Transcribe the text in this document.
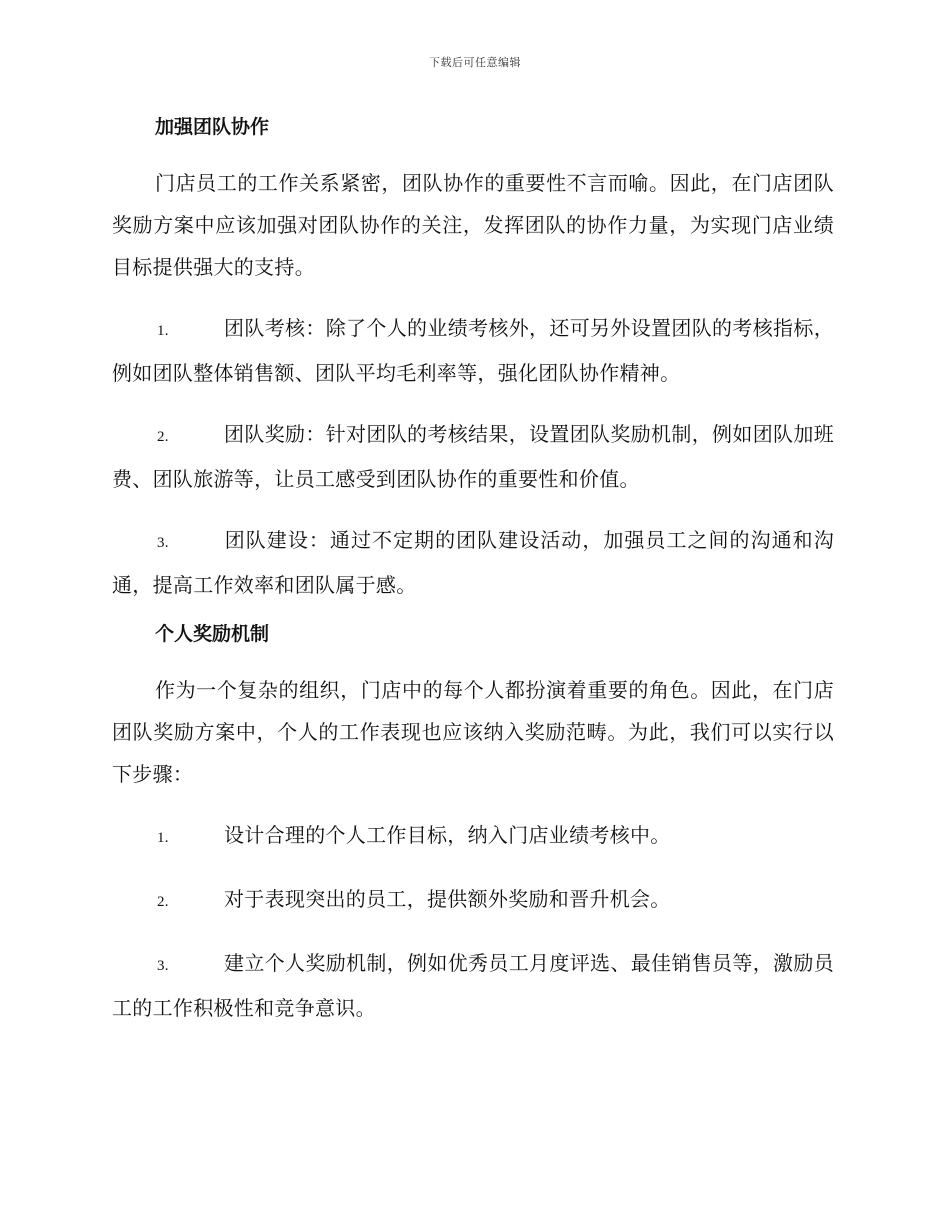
下载后可任意编辑
加强团队协作

门店员工的工作关系紧密，团队协作的重要性不言而喻。因此，在门店团队奖励方案中应该加强对团队协作的关注，发挥团队的协作力量，为实现门店业绩目标提供强大的支持。

1.	团队考核：除了个人的业绩考核外，还可另外设置团队的考核指标，例如团队整体销售额、团队平均毛利率等，强化团队协作精神。

2.	团队奖励：针对团队的考核结果，设置团队奖励机制，例如团队加班费、团队旅游等，让员工感受到团队协作的重要性和价值。

3.	团队建设：通过不定期的团队建设活动，加强员工之间的沟通和沟通，提高工作效率和团队属于感。

个人奖励机制

作为一个复杂的组织，门店中的每个人都扮演着重要的角色。因此，在门店团队奖励方案中，个人的工作表现也应该纳入奖励范畴。为此，我们可以实行以下步骤：

1.	设计合理的个人工作目标，纳入门店业绩考核中。

2.	对于表现突出的员工，提供额外奖励和晋升机会。

3.	建立个人奖励机制，例如优秀员工月度评选、最佳销售员等，激励员工的工作积极性和竞争意识。
